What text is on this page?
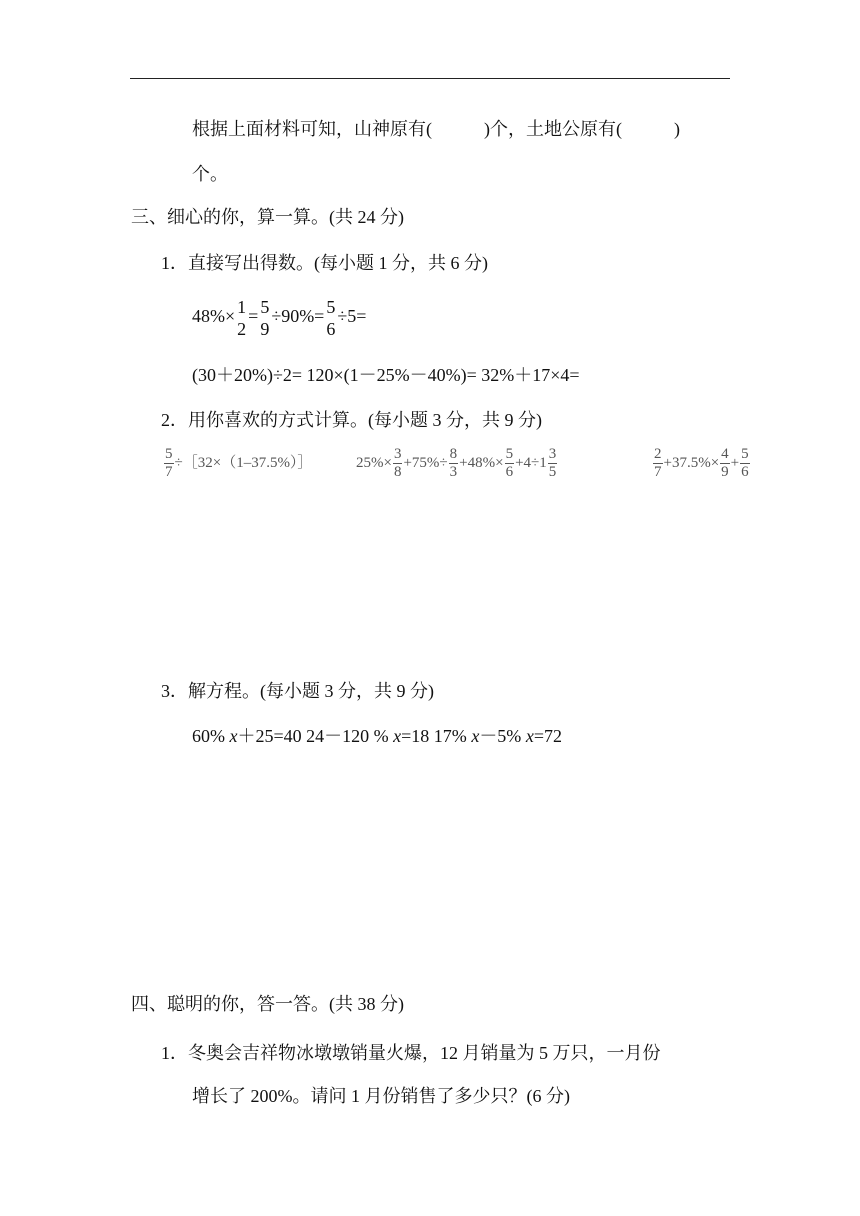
根据上面材料可知，山神原有(	)个，土地公原有(	)
个。
三、细心的你，算一算。(共 24 分)
1．直接写出得数。(每小题 1 分，共 6 分)
48%× 1
2
= 5
9
÷90%= 5
6
÷5=
(30＋20%)÷2= 120×(1－25%－40%)= 32%＋17×4=
2．用你喜欢的方式计算。(每小题 3 分，共 9 分)
$\frac{5}{7}$ ÷［32×（1–37.5%）］	$25\%\times \frac{3}{8} +75\%\div \frac{8}{3} +48\%\times \frac{5}{6} +4\div 1 \frac{3}{5}$	$\frac{2}{7} +37.5\%\times \frac{4}{9} + \frac{5}{6}$
3．解方程。(每小题 3 分，共 9 分)
60% x＋25=40 24－120 % x=18 17% x－5% x=72
四、聪明的你，答一答。(共 38 分)
1．冬奥会吉祥物冰墩墩销量火爆，12 月销量为 5 万只，一月份
增长了 200%。请问 1 月份销售了多少只？(6 分)
